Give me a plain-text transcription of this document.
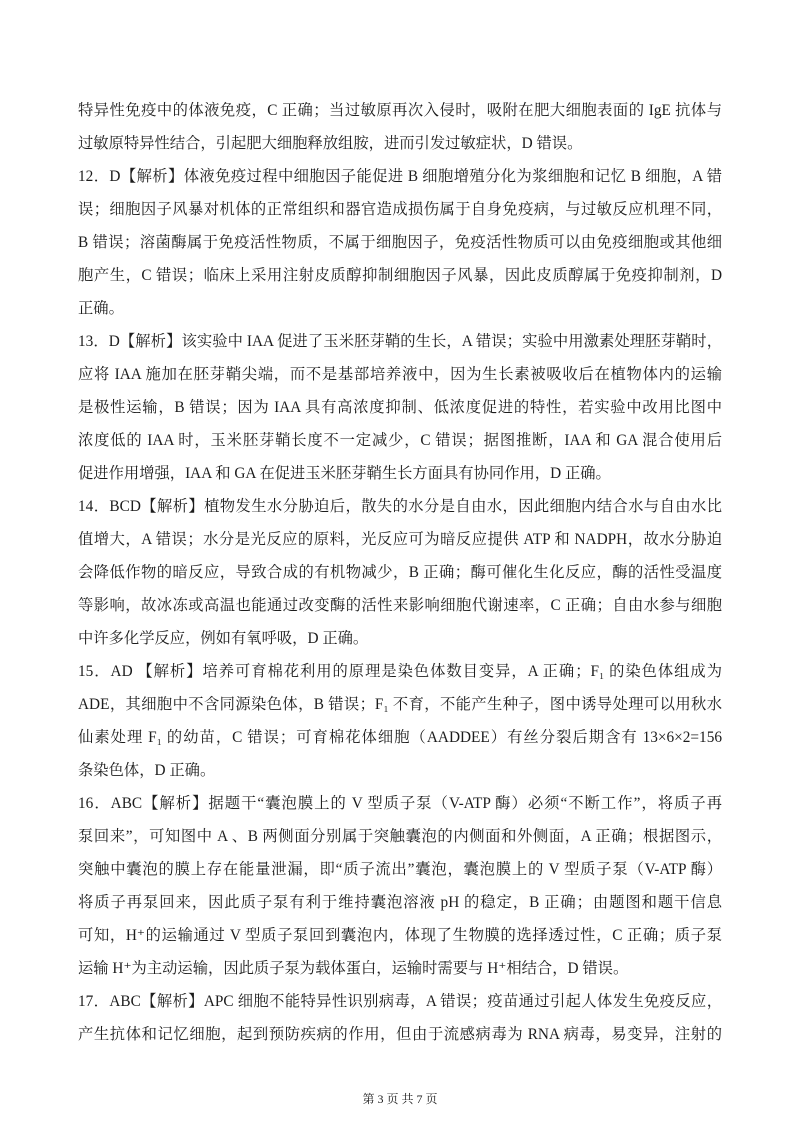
特异性免疫中的体液免疫，C 正确；当过敏原再次入侵时，吸附在肥大细胞表面的 IgE 抗体与
过敏原特异性结合，引起肥大细胞释放组胺，进而引发过敏症状，D 错误。
12．D【解析】体液免疫过程中细胞因子能促进 B 细胞增殖分化为浆细胞和记忆 B 细胞，A 错
误；细胞因子风暴对机体的正常组织和器官造成损伤属于自身免疫病，与过敏反应机理不同，
B 错误；溶菌酶属于免疫活性物质，不属于细胞因子，免疫活性物质可以由免疫细胞或其他细
胞产生，C 错误；临床上采用注射皮质醇抑制细胞因子风暴，因此皮质醇属于免疫抑制剂，D
正确。
13．D【解析】该实验中 IAA 促进了玉米胚芽鞘的生长，A 错误；实验中用激素处理胚芽鞘时，
应将 IAA 施加在胚芽鞘尖端，而不是基部培养液中，因为生长素被吸收后在植物体内的运输
是极性运输，B 错误；因为 IAA 具有高浓度抑制、低浓度促进的特性，若实验中改用比图中
浓度低的 IAA 时，玉米胚芽鞘长度不一定减少，C 错误；据图推断，IAA 和 GA 混合使用后
促进作用增强，IAA 和 GA 在促进玉米胚芽鞘生长方面具有协同作用，D 正确。
14．BCD【解析】植物发生水分胁迫后，散失的水分是自由水，因此细胞内结合水与自由水比
值增大，A 错误；水分是光反应的原料，光反应可为暗反应提供 ATP 和 NADPH，故水分胁迫
会降低作物的暗反应，导致合成的有机物减少，B 正确；酶可催化生化反应，酶的活性受温度
等影响，故冰冻或高温也能通过改变酶的活性来影响细胞代谢速率，C 正确；自由水参与细胞
中许多化学反应，例如有氧呼吸，D 正确。
15．AD 【解析】培养可育棉花利用的原理是染色体数目变异，A 正确；F₁ 的染色体组成为
ADE，其细胞中不含同源染色体，B 错误；F₁ 不育，不能产生种子，图中诱导处理可以用秋水
仙素处理 F₁ 的幼苗，C 错误；可育棉花体细胞（AADDEE）有丝分裂后期含有 13×6×2=156
条染色体，D 正确。
16．ABC【解析】据题干“囊泡膜上的 V 型质子泵（V-ATP 酶）必须“不断工作”，将质子再
泵回来”，可知图中 A 、B 两侧面分别属于突触囊泡的内侧面和外侧面，A 正确；根据图示，
突触中囊泡的膜上存在能量泄漏，即“质子流出”囊泡，囊泡膜上的 V 型质子泵（V-ATP 酶）
将质子再泵回来，因此质子泵有利于维持囊泡溶液 pH 的稳定，B 正确；由题图和题干信息
可知，H⁺的运输通过 V 型质子泵回到囊泡内，体现了生物膜的选择透过性，C 正确；质子泵
运输 H⁺为主动运输，因此质子泵为载体蛋白，运输时需要与 H⁺相结合，D 错误。
17．ABC【解析】APC 细胞不能特异性识别病毒，A 错误；疫苗通过引起人体发生免疫反应，
产生抗体和记忆细胞，起到预防疾病的作用，但由于流感病毒为 RNA 病毒，易变异，注射的
第 3 页 共 7 页
